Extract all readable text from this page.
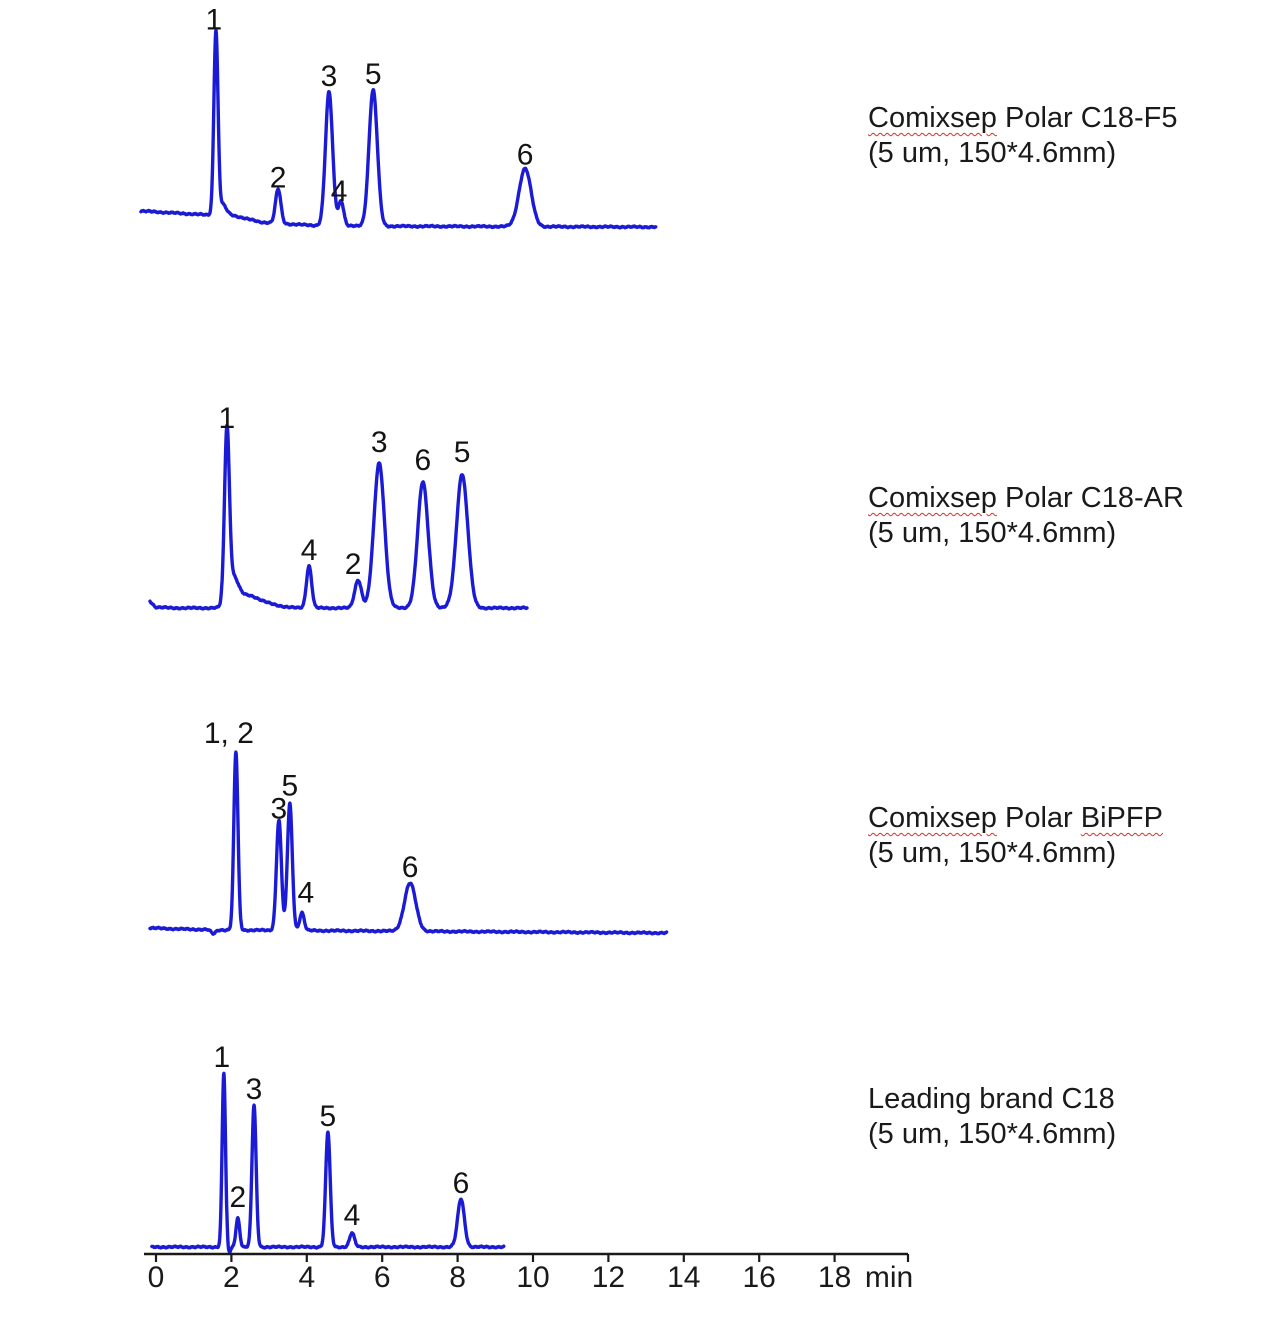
1
2
3
4
5
6
1
4 2
3
6 5
1, 2
3
5
4
6
1
2
3
5
4
6
0 2 4 6 8 10 12 14 16 18 min
Comixsep Polar C18-F5
(5 um, 150*4.6mm)
Comixsep Polar C18-AR
(5 um, 150*4.6mm)
Comixsep Polar BiPFP
(5 um, 150*4.6mm)
Leading brand C18
(5 um, 150*4.6mm)
